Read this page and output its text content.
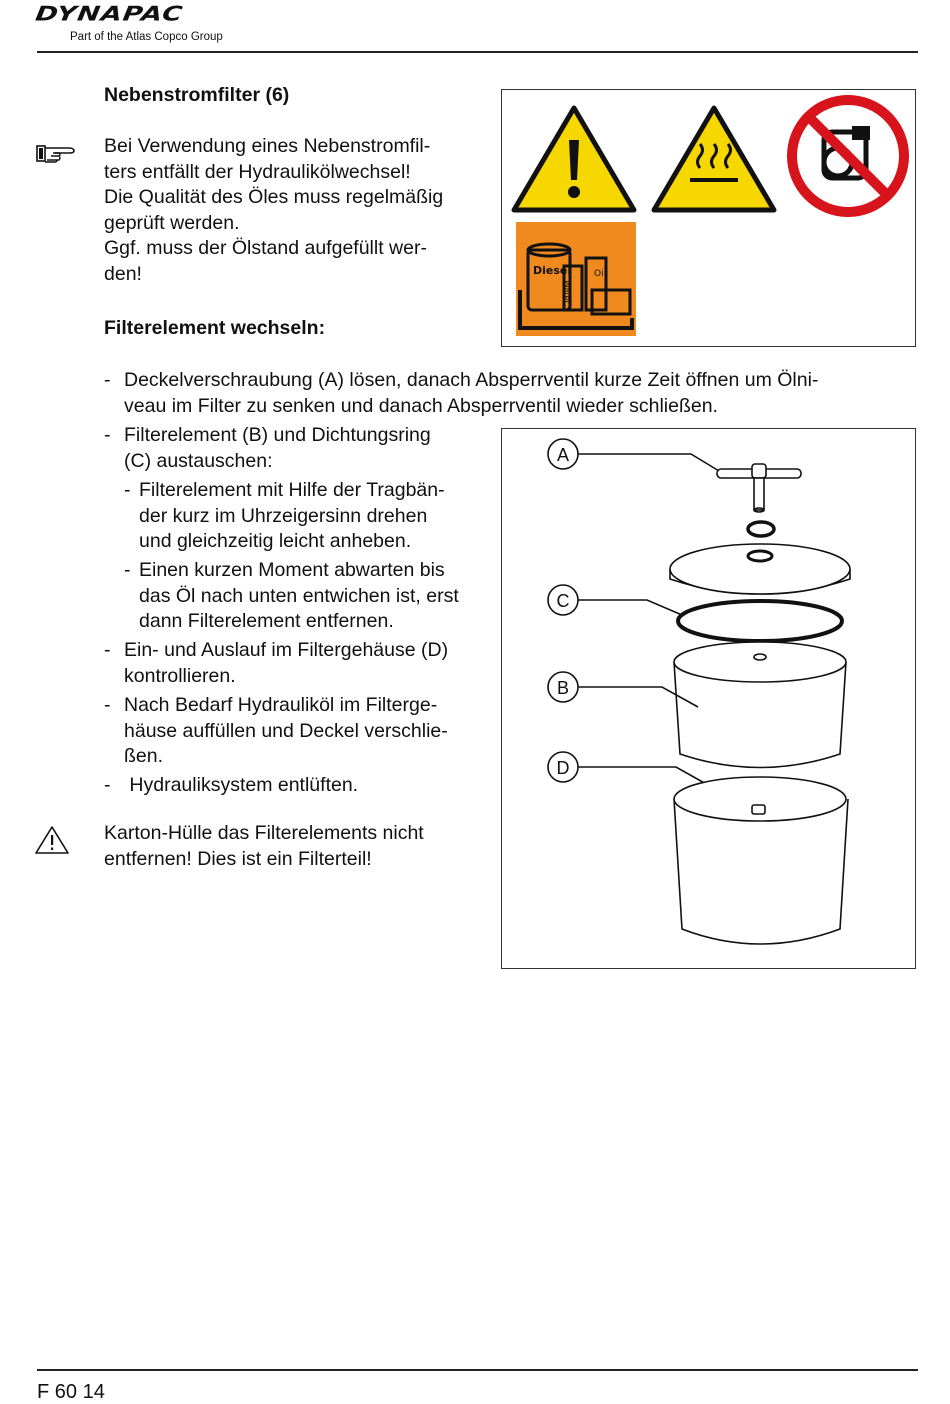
DYNAPAC
Part of the Atlas Copco Group
Nebenstromfilter (6)
Bei Verwendung eines Nebenstromfil-
ters entfällt der Hydraulikölwechsel!
Die Qualität des Öles muss regelmäßig
geprüft werden.
Ggf. muss der Ölstand aufgefüllt wer-
den!
Filterelement wechseln:
Diesel	Oil
Water
- Deckelverschraubung (A) lösen, danach Absperrventil kurze Zeit öffnen um Ölni-
veau im Filter zu senken und danach Absperrventil wieder schließen.
- Filterelement (B) und Dichtungsring
(C) austauschen:
- Filterelement mit Hilfe der Tragbän-
der kurz im Uhrzeigersinn drehen
und gleichzeitig leicht anheben.
- Einen kurzen Moment abwarten bis
das Öl nach unten entwichen ist, erst
dann Filterelement entfernen.
- Ein- und Auslauf im Filtergehäuse (D)
kontrollieren.
- Nach Bedarf Hydrauliköl im Filterge-
häuse auffüllen und Deckel verschlie-
ßen.
- Hydrauliksystem entlüften.
Karton-Hülle das Filterelements nicht
entfernen! Dies ist ein Filterteil!
A
C
B
D
F 60 14
